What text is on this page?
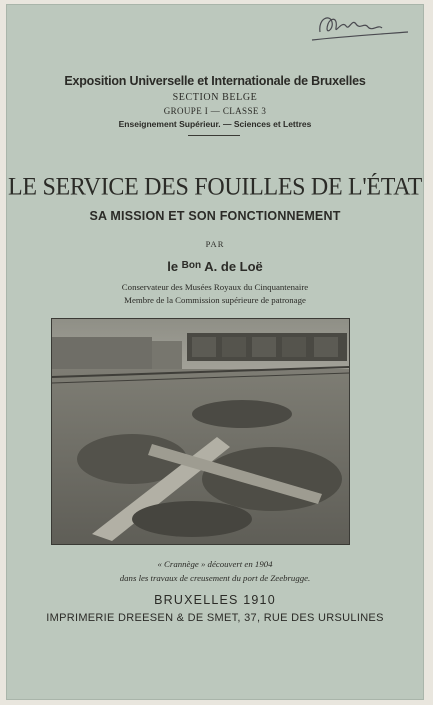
Exposition Universelle et Internationale de Bruxelles
SECTION BELGE
GROUPE I — CLASSE 3
Enseignement Supérieur. — Sciences et Lettres
LE SERVICE DES FOUILLES DE L'ÉTAT
SA MISSION ET SON FONCTIONNEMENT
PAR
le $^{Bon}$ A. de Loë
Conservateur des Musées Royaux du Cinquantenaire
Membre de la Commission supérieure de patronage
« Crannège » découvert en 1904
dans les travaux de creusement du port de Zeebrugge.
BRUXELLES 1910
IMPRIMERIE DREESEN & DE SMET, 37, RUE DES URSULINES
